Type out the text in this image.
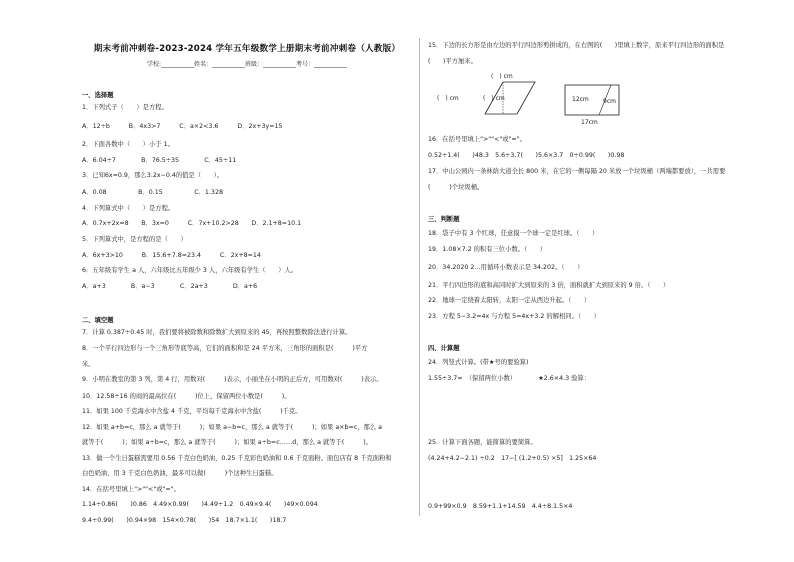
期末考前冲刺卷-2023-2024 学年五年级数学上册期末考前冲刺卷（人教版）
学校:___________姓名：___________班级：___________考号：___________
一、选择题
1．下列式子（　　）是方程。
A．12÷b　　　B．4x3>7　　　C．a×2<3.6　　　D．2x+3y=15
2．下面各数中（　　）小于 1。
A．6.04÷7　　　　B．76.5÷35　　　　C．45÷11
3．已知6x=0.9，那么3.2x−0.4的值是（　　）。
A．0.08　　　　　B．0.15　　　　　C．1.328
4．下列算式中（　　）是方程。
A．0.7x+2x=8　　B．3x=0　　　C．7x+10.2>28　　D．2.1+8=10.1
5．下列算式中，是方程的是（　　）
A．6x+3>10　　　B．15.6+7.8=23.4　　　C．2x+8=14
6．五年级有学生 a 人，六年级比五年级少 3 人，六年级有学生（　　）人。
A．a+3　　　　B．a−3　　　　C．2a+3　　　　D．a+6
二、填空题
7．计算 0.387÷0.45 时，我们要将被除数和除数扩大到原来的 45，再按照整数除法进行计算。
8．一个平行四边形与一个三角形等底等高，它们的面积和是 24 平方米，三角形的面积是(　　　)平方
米。
9．小明在教室的第 3 列，第 4 行，用数对(　　　)表示，小丽坐在小明的正后方，可用数对(　　　)表示。
10．12.58÷16 的商的最高位在(　　　)位上，保留两位小数是(　　　)。
11．如果 100 千克海水中含盐 4 千克，平均每千克海水中含盐(　　　)千克。
12．如果 a+b=c，那么 a 就等于(　　　)；如果 a−b=c，那么 a 就等于(　　　)；如果 a×b=c，那么 a
就等于(　　　)；如果 a÷b=c，那么 a 就等于(　　　)；如果 a÷b=c……d，那么 a 就等于(　　　)。
13．做一个生日蛋糕需要用 0.56 千克白色奶油，0.25 千克彩色奶油和 0.6 千克面粉。面包店有 8 千克面粉和
白色奶油，用 3 千克白色奶油，最多可以做(　　　)个这种生日蛋糕。
14．在括号里填上">""<"或"="。
1.14÷0.86(　　)0.86　4.49×0.99(　　)4.49÷1.2　0.49×9.4(　　)49×0.094
9.4÷0.99(　　)0.94×98　154×0.78(　　)54　18.7×1.1(　　)18.7
15．下边的长方形是由左边的平行四边形剪拼成的，在右图的(　　)里填上数字，原来平行四边形的面积是
(　　)平方厘米。
(　) cm
(　) cm	(　) cm	12cm 9cm
17cm
16．在括号里填上">""<"或"="。
0.52÷1.4(　　)48.3　5.6÷3.7(　　)5.6×3.7　0÷0.99(　　)0.98
17．中山公园内一条林荫大道全长 800 米，在它的一侧每隔 20 米放一个垃圾桶（两端都要放），一共需要
(　　　)个垃圾桶。
三、判断题
18．袋子中有 3 个红球，任意摸一个球一定是红球。（　　）
19．1.08×7.2 的积有三位小数。（　　）
20．34.2020 2…用循环小数表示是 34.202。（　　）
21．平行四边形的底和高同时扩大到原来的 3 倍，面积就扩大到原来的 9 倍。（　　）
22．地球一定绕着太阳转，太阳一定从西边升起。（　　）
23．方程 5−3.2=4x 与方程 5=4x+3.2 的解相同。（　　）
四、计算题
24．列竖式计算。(带★号的要验算)
1.55÷3.7≈　（保留两位小数）　　　　★2.6×4.3 验算：
25．计算下面各题，能简算的要简算。
(4.24+4.2−2.1) ÷0.2　17−[ (1.2+0.5) ×5]　1.25×64
0.9+99×0.9　8.59+1.1+14.59　4.4÷8.1.5×4
